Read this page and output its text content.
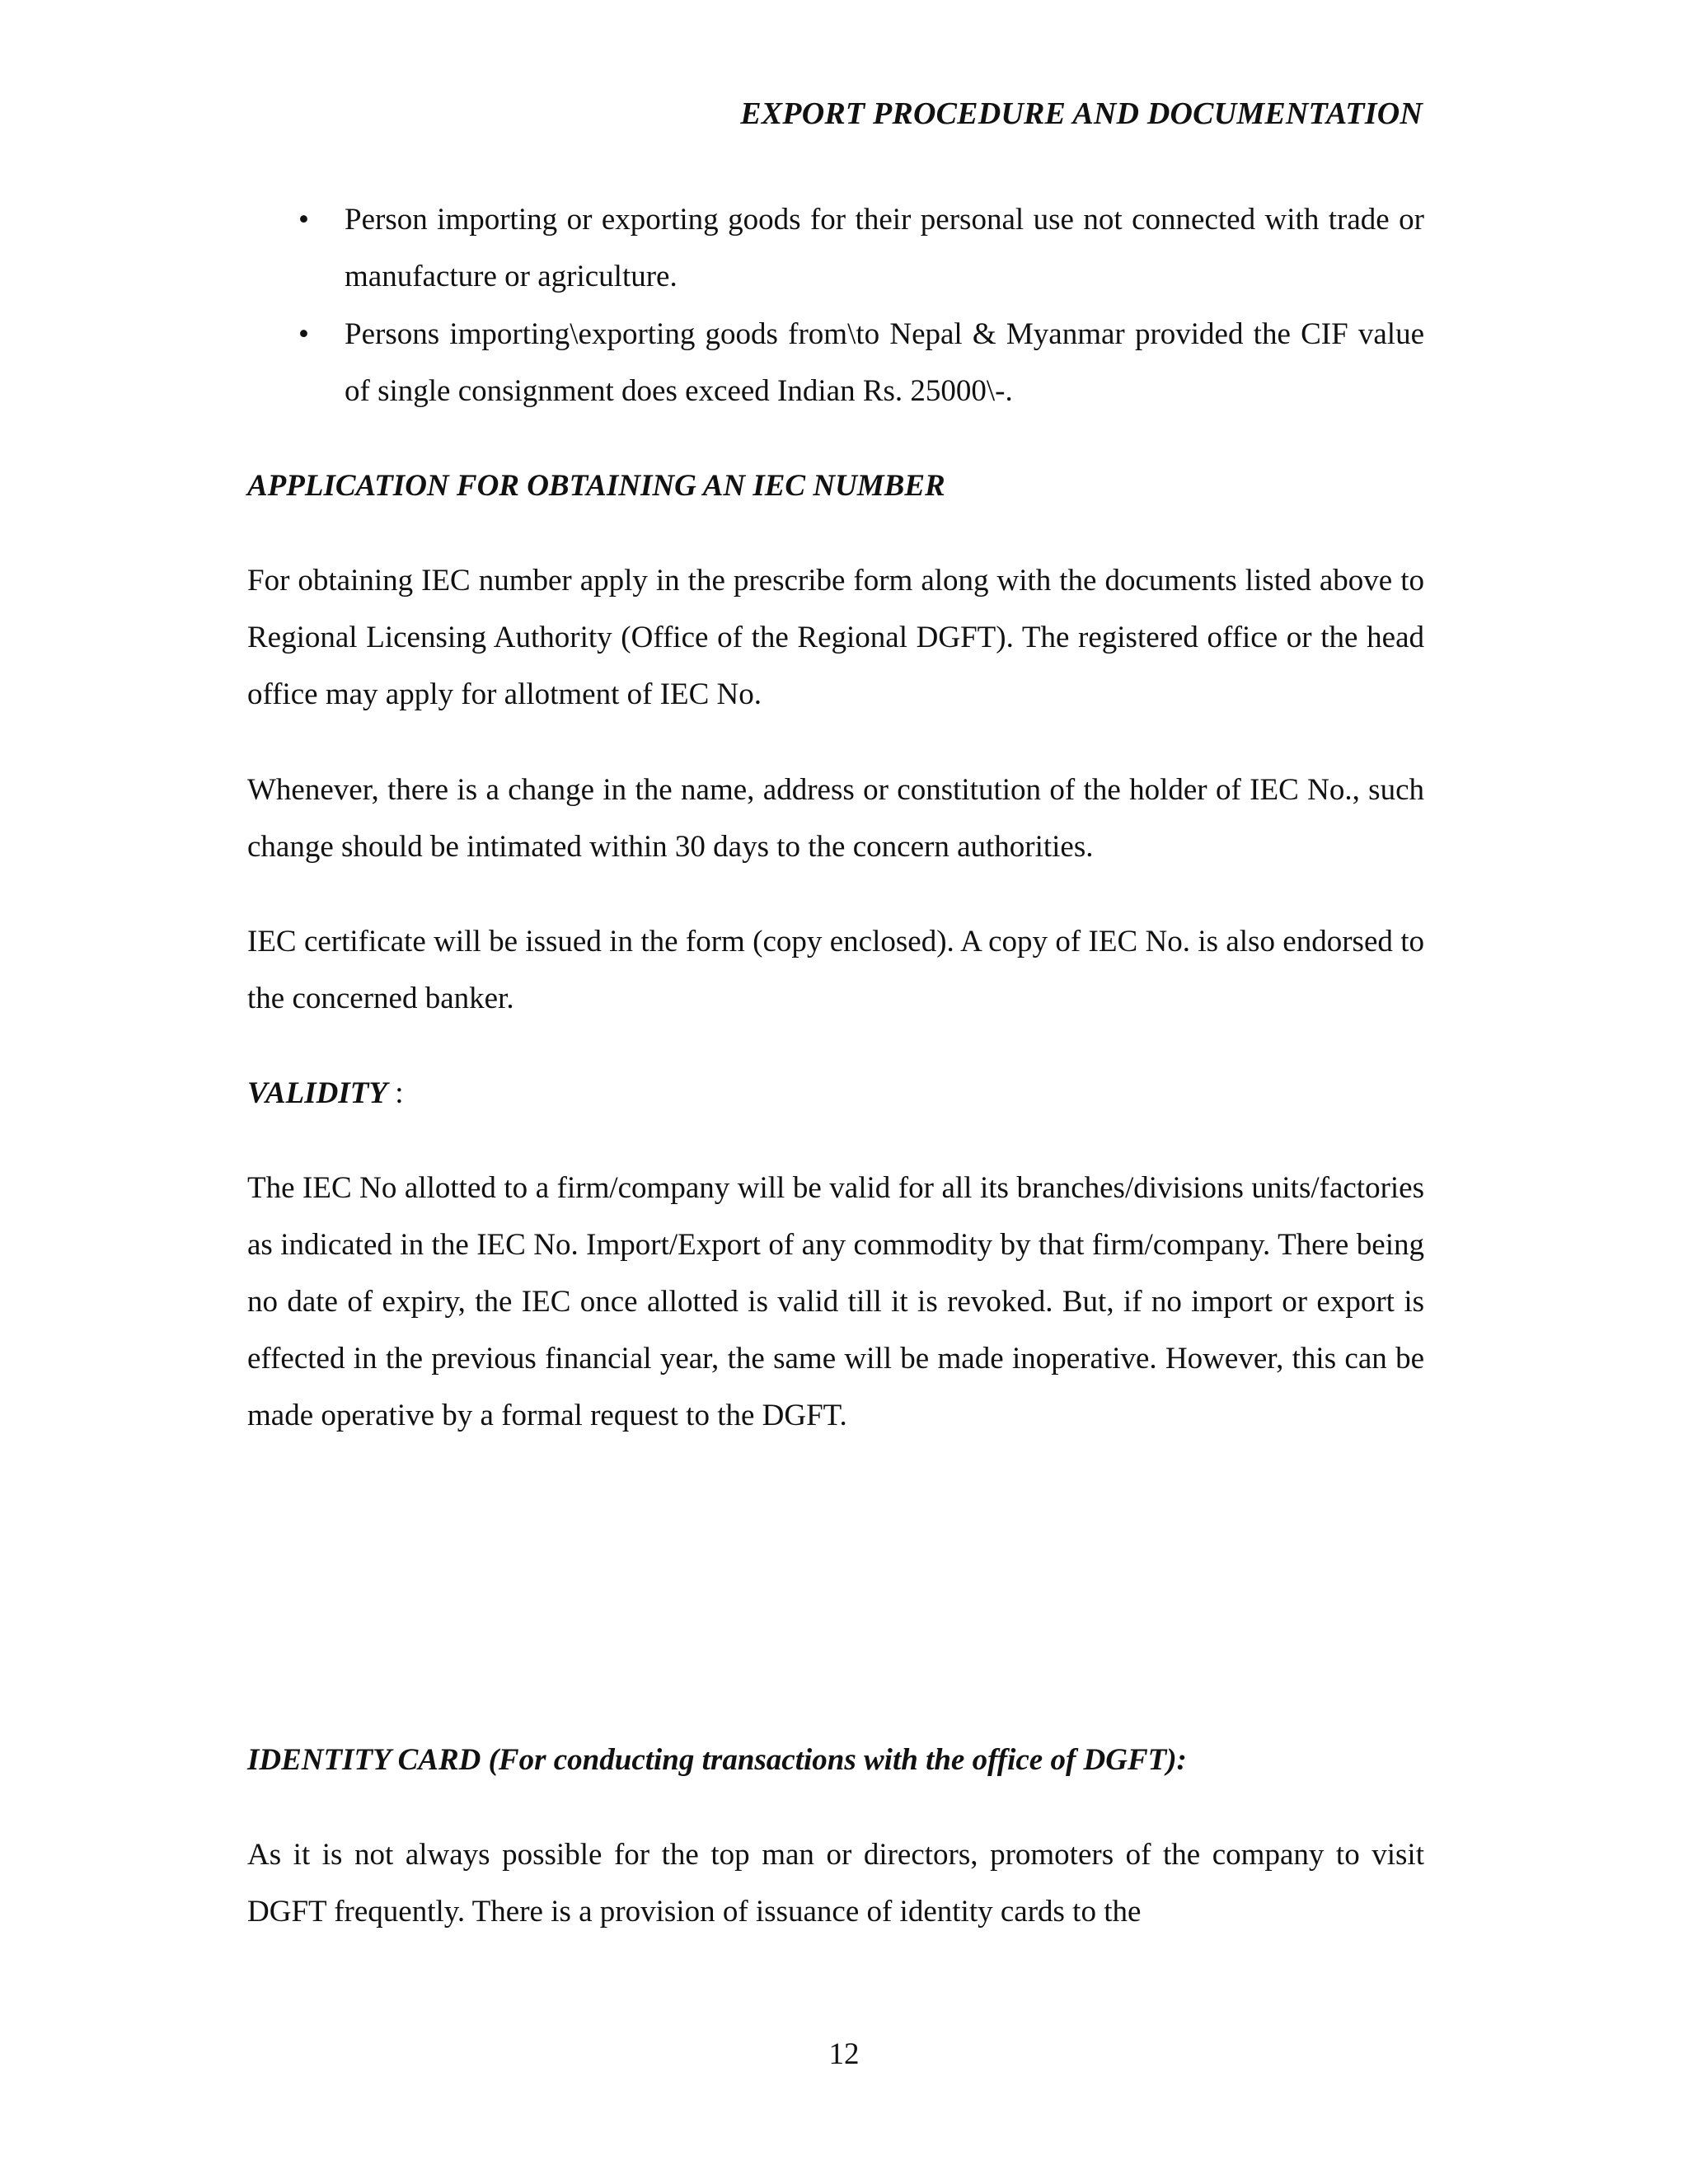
EXPORT PROCEDURE AND DOCUMENTATION
• Person importing or exporting goods for their personal use not connected with trade or manufacture or agriculture.
• Persons importing\exporting goods from\to Nepal & Myanmar provided the CIF value of single consignment does exceed Indian Rs. 25000\-.
APPLICATION FOR OBTAINING AN IEC NUMBER

For obtaining IEC number apply in the prescribe form along with the documents listed above to Regional Licensing Authority (Office of the Regional DGFT). The registered office or the head office may apply for allotment of IEC No.

Whenever, there is a change in the name, address or constitution of the holder of IEC No., such change should be intimated within 30 days to the concern authorities.

IEC certificate will be issued in the form (copy enclosed). A copy of IEC No. is also endorsed to the concerned banker.

VALIDITY :

The IEC No allotted to a firm/company will be valid for all its branches/divisions units/factories as indicated in the IEC No. Import/Export of any commodity by that firm/company. There being no date of expiry, the IEC once allotted is valid till it is revoked. But, if no import or export is effected in the previous financial year, the same will be made inoperative. However, this can be made operative by a formal request to the DGFT.

IDENTITY CARD (For conducting transactions with the office of DGFT):

As it is not always possible for the top man or directors, promoters of the company to visit DGFT frequently. There is a provision of issuance of identity cards to the

12
